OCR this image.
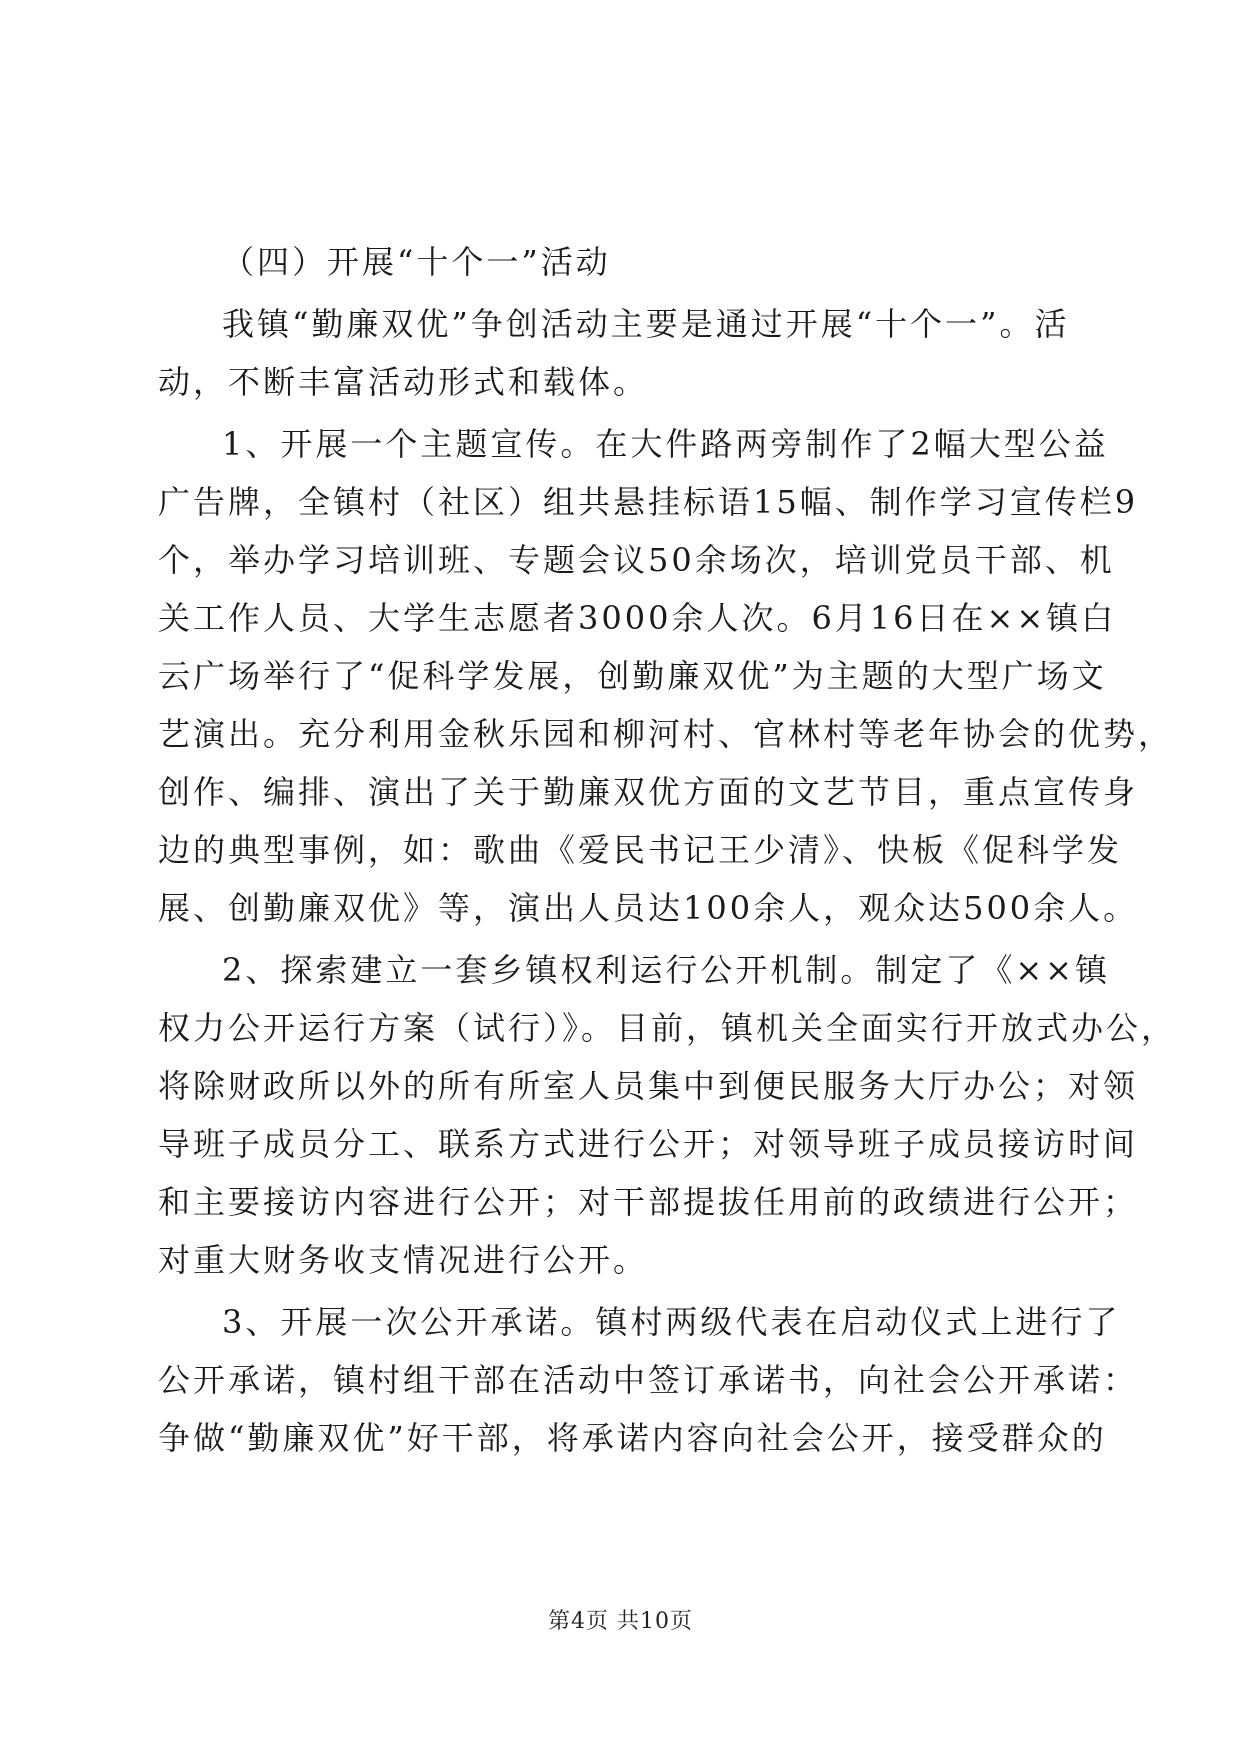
（四）开展“十个一”活动

我镇“勤廉双优”争创活动主要是通过开展“十个一”。活
动，不断丰富活动形式和载体。

1、开展一个主题宣传。在大件路两旁制作了2幅大型公益
广告牌，全镇村（社区）组共悬挂标语15幅、制作学习宣传栏9
个，举办学习培训班、专题会议50余场次，培训党员干部、机
关工作人员、大学生志愿者3000余人次。6月16日在××镇白
云广场举行了“促科学发展，创勤廉双优”为主题的大型广场文
艺演出。充分利用金秋乐园和柳河村、官林村等老年协会的优势，
创作、编排、演出了关于勤廉双优方面的文艺节目，重点宣传身
边的典型事例，如：歌曲《爱民书记王少清》、快板《促科学发
展、创勤廉双优》等，演出人员达100余人，观众达500余人。

2、探索建立一套乡镇权利运行公开机制。制定了《××镇
权力公开运行方案（试行）》。目前，镇机关全面实行开放式办公，
将除财政所以外的所有所室人员集中到便民服务大厅办公；对领
导班子成员分工、联系方式进行公开；对领导班子成员接访时间
和主要接访内容进行公开；对干部提拔任用前的政绩进行公开；
对重大财务收支情况进行公开。

3、开展一次公开承诺。镇村两级代表在启动仪式上进行了
公开承诺，镇村组干部在活动中签订承诺书，向社会公开承诺：
争做“勤廉双优”好干部，将承诺内容向社会公开，接受群众的

第4页 共10页
